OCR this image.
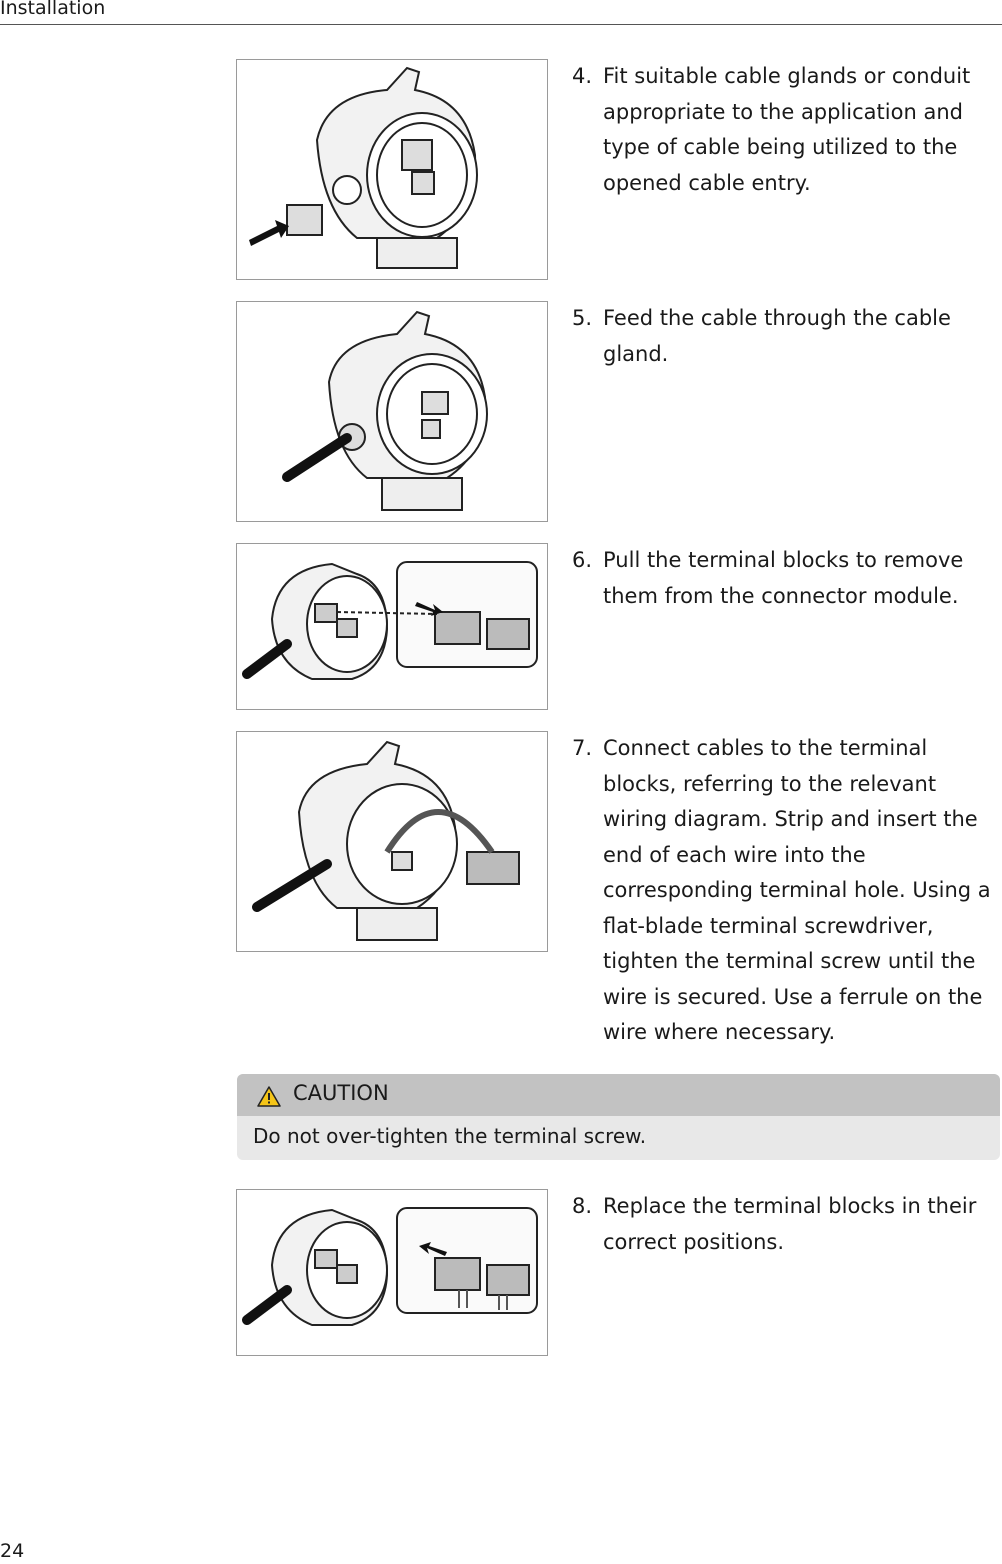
Installation
4. Fit suitable cable glands or conduit appropriate to the application and type of cable being utilized to the opened cable entry.
5. Feed the cable through the cable gland.
6. Pull the terminal blocks to remove them from the connector module.
7. Connect cables to the terminal blocks, referring to the relevant wiring diagram. Strip and insert the end of each wire into the corresponding terminal hole. Using a flat-blade terminal screwdriver, tighten the terminal screw until the wire is secured. Use a ferrule on the wire where necessary.
CAUTION
Do not over-tighten the terminal screw.
8. Replace the terminal blocks in their correct positions.
24
